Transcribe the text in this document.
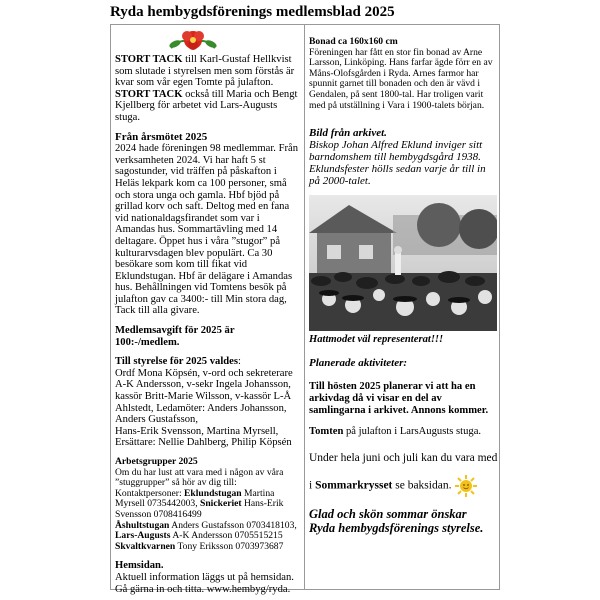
Ryda hembygdsförenings medlemsblad 2025

STORT TACK till Karl-Gustaf Hellkvist som slutade i styrelsen men som förstås är kvar som vår egen Tomte på julafton.

STORT TACK också till Maria och Bengt Kjellberg för arbetet vid Lars-Augusts stuga.

Från årsmötet 2025

2024 hade föreningen 98 medlemmar. Från verksamheten 2024. Vi har haft 5 st sagostunder, vid träffen på påskafton i Heläs lekpark kom ca 100 personer, små och stora unga och gamla. Hbf bjöd på grillad korv och saft. Deltog med en fana vid nationaldagsfirandet som var i Amandas hus. Sommartävling med 14 deltagare. Öppet hus i våra ”stugor” på kulturarvsdagen blev populärt. Ca 30 besökare som kom till fikat vid Eklundstugan. Hbf är delägare i Amandas hus. Behållningen vid Tomtens besök på julafton gav ca 3400:- till Min stora dag, Tack till alla givare.

Medlemsavgift för 2025 är 100:-/medlem.

Till styrelse för 2025 valdes:

Ordf Mona Köpsén, v-ord och sekreterare A-K Andersson, v-sekr Ingela Johansson, kassör Britt-Marie Wilsson, v-kassör L-Å Ahlstedt, Ledamöter: Anders Johansson, Anders Gustafsson,

Hans-Erik Svensson, Martina Myrsell,

Ersättare: Nellie Dahlberg, Philip Köpsén

Arbetsgrupper 2025

Om du har lust att vara med i någon av våra ”stuggrupper” så hör av dig till: Kontaktpersoner: Eklundstugan Martina Myrsell 0735442003, Snickeriet Hans-Erik Svensson 0708416499

Åshultstugan Anders Gustafsson 0703418103,

Lars-Augusts A-K Andersson 0705515215

Skvaltkvarnen Tony Eriksson 0703973687

Hemsidan.

Aktuell information läggs ut på hemsidan. Gå gärna in och titta. www.hembyg/ryda.

Bonad ca 160x160 cm

Föreningen har fått en stor fin bonad av Arne Larsson, Linköping. Hans farfar ägde förr en av Måns-Olofsgården i Ryda. Arnes farmor har spunnit garnet till bonaden och den är vävd i Gendalen, på sent 1800-tal. Har troligen varit med på utställning i Vara i 1900-talets början.

Bild från arkivet.

Biskop Johan Alfred Eklund inviger sitt barndomshem till hembygdsgård 1938. Eklundsfester hölls sedan varje år till in på 2000-talet.

Hattmodet väl representerat!!!

Planerade aktiviteter:

Till hösten 2025 planerar vi att ha en arkivdag då vi visar en del av samlingarna i arkivet. Annons kommer.

Tomten på julafton i LarsAugusts stuga.

Under hela juni och juli kan du vara med

i Sommarkrysset se baksidan.

Glad och skön sommar önskar

Ryda hembygdsförenings styrelse.
